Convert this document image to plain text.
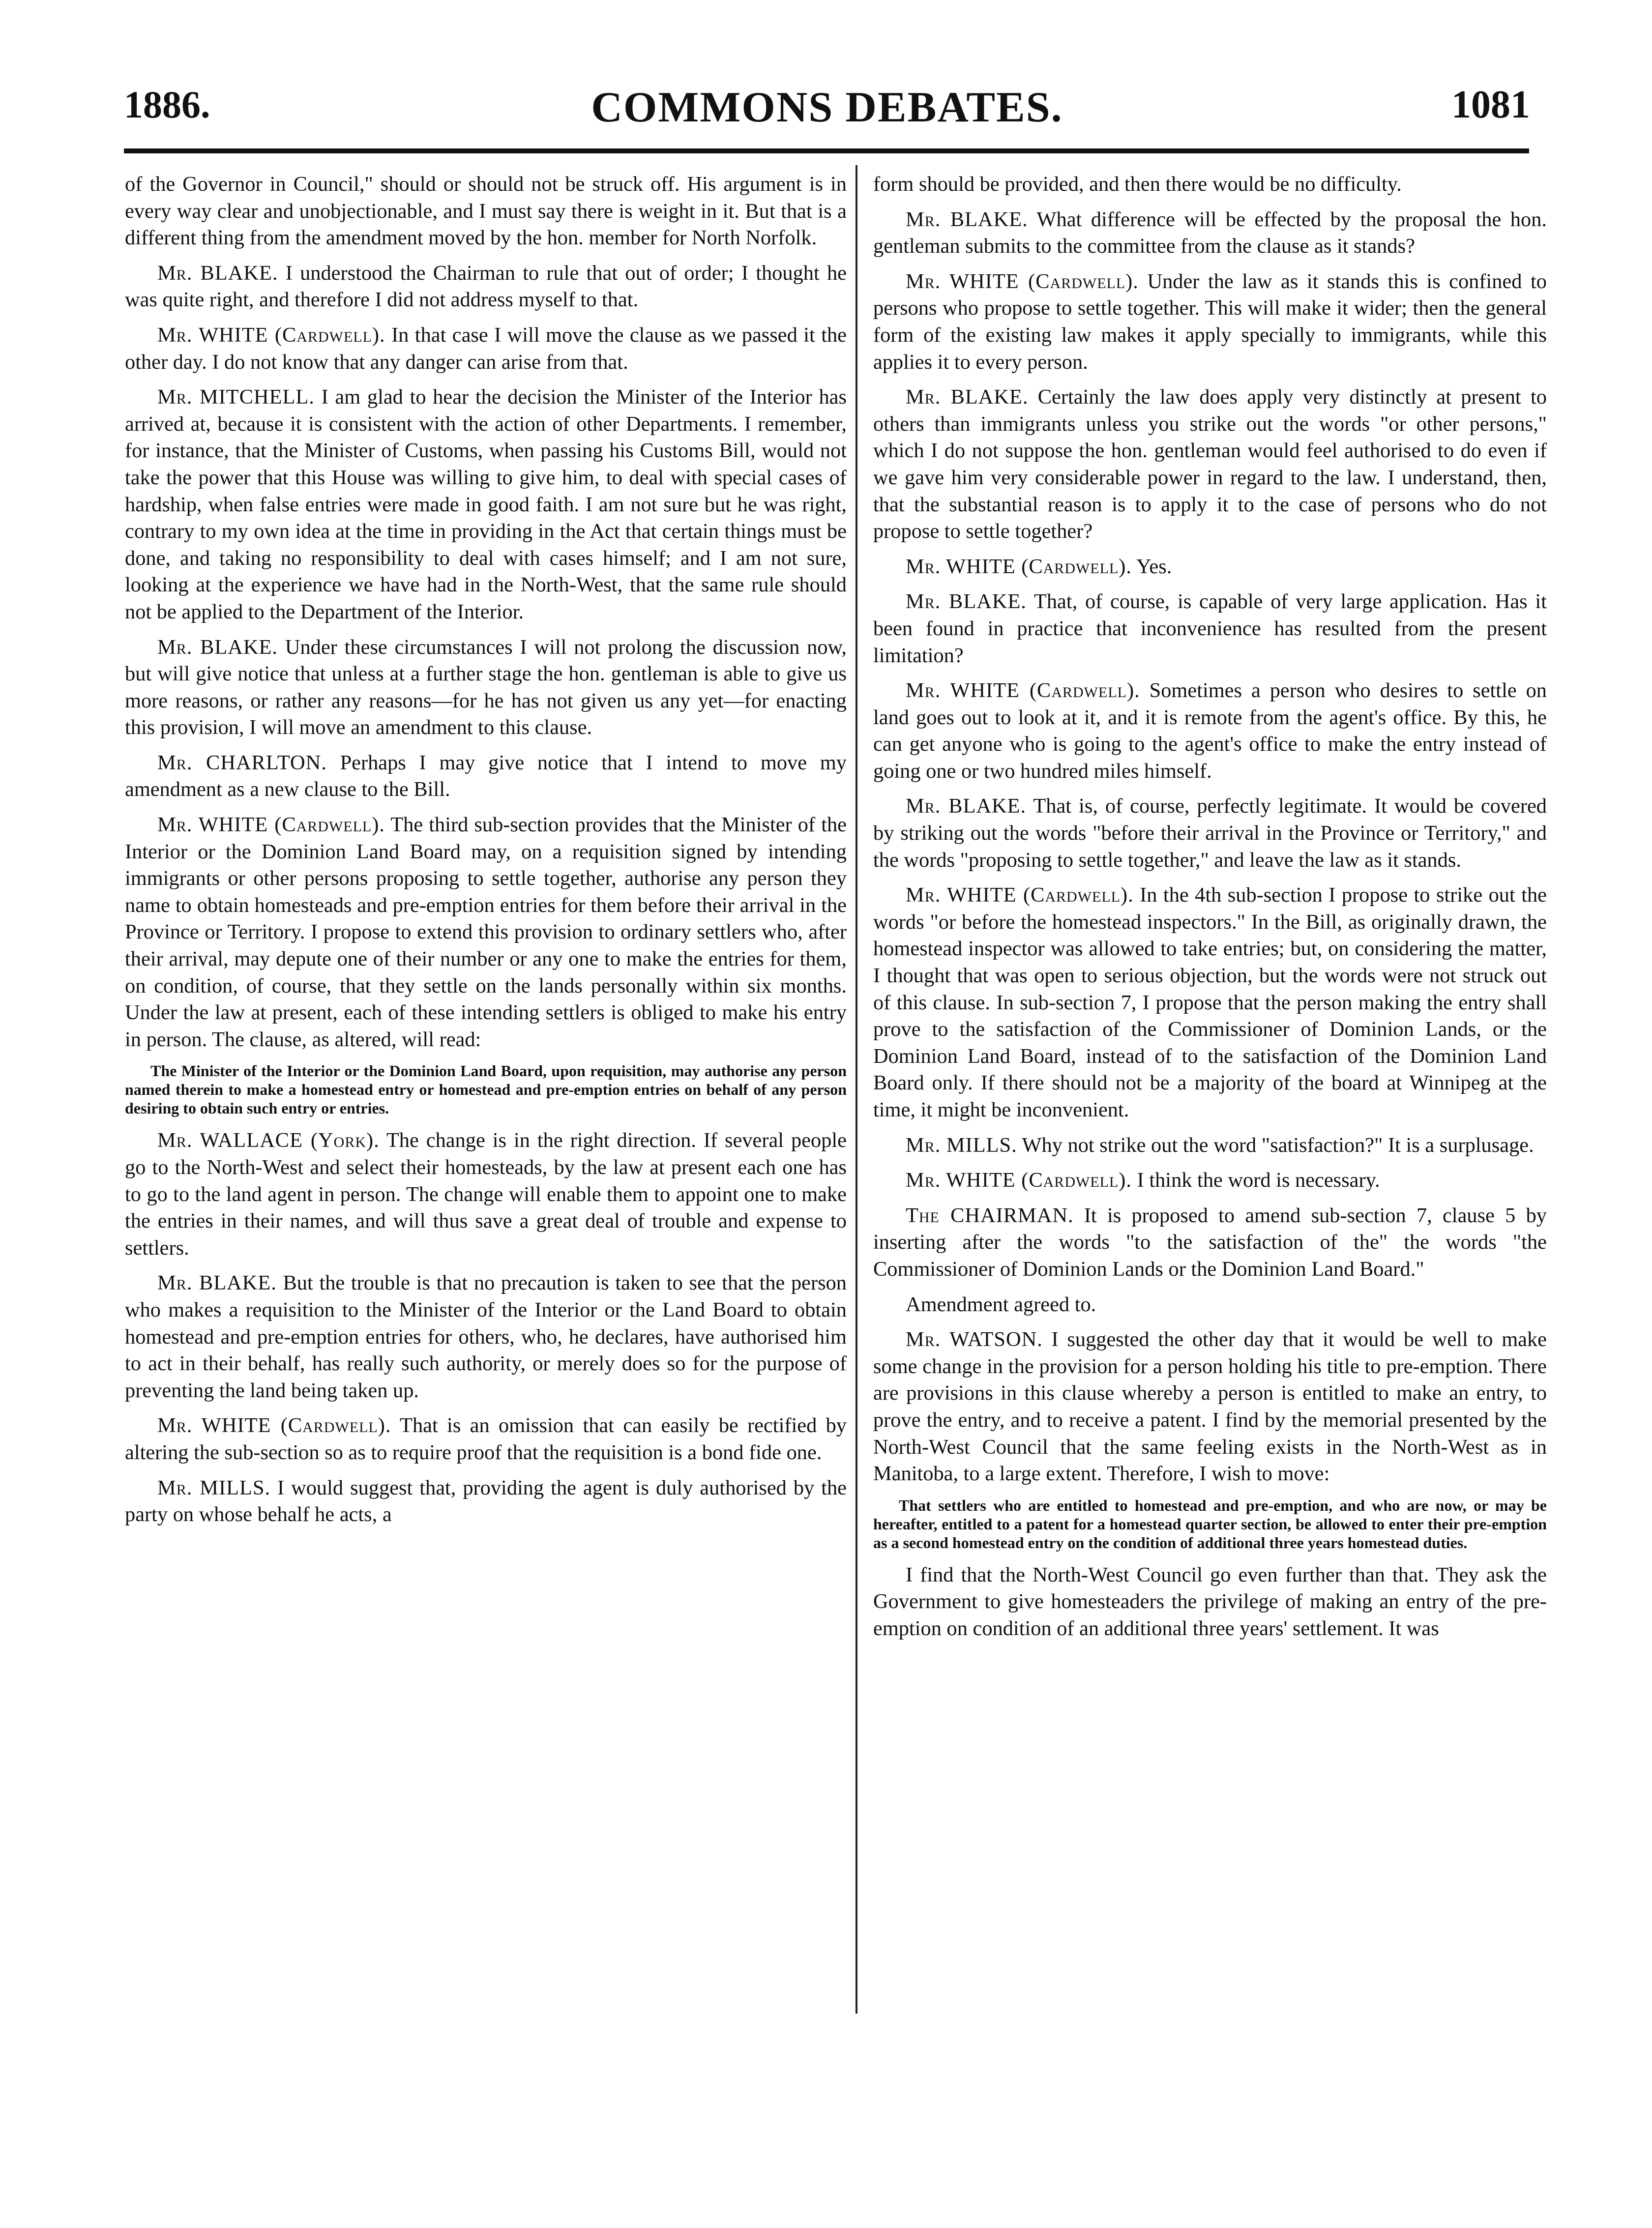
1886.	COMMONS DEBATES.	1081

of the Governor in Council," should or should not be struck off. His argument is in every way clear and unobjectionable, and I must say there is weight in it. But that is a different thing from the amendment moved by the hon. member for North Norfolk.

Mr. BLAKE. I understood the Chairman to rule that out of order; I thought he was quite right, and therefore I did not address myself to that.

Mr. WHITE (Cardwell). In that case I will move the clause as we passed it the other day. I do not know that any danger can arise from that.

Mr. MITCHELL. I am glad to hear the decision the Minister of the Interior has arrived at, because it is consistent with the action of other Departments. I remember, for instance, that the Minister of Customs, when passing his Customs Bill, would not take the power that this House was willing to give him, to deal with special cases of hardship, when false entries were made in good faith. I am not sure but he was right, contrary to my own idea at the time in providing in the Act that certain things must be done, and taking no responsibility to deal with cases himself; and I am not sure, looking at the experience we have had in the North-West, that the same rule should not be applied to the Department of the Interior.

Mr. BLAKE. Under these circumstances I will not prolong the discussion now, but will give notice that unless at a further stage the hon. gentleman is able to give us more reasons, or rather any reasons—for he has not given us any yet—for enacting this provision, I will move an amendment to this clause.

Mr. CHARLTON. Perhaps I may give notice that I intend to move my amendment as a new clause to the Bill.

Mr. WHITE (Cardwell). The third sub-section provides that the Minister of the Interior or the Dominion Land Board may, on a requisition signed by intending immigrants or other persons proposing to settle together, authorise any person they name to obtain homesteads and pre-emption entries for them before their arrival in the Province or Territory. I propose to extend this provision to ordinary settlers who, after their arrival, may depute one of their number or any one to make the entries for them, on condition, of course, that they settle on the lands personally within six months. Under the law at present, each of these intending settlers is obliged to make his entry in person. The clause, as altered, will read:

The Minister of the Interior or the Dominion Land Board, upon requisition, may authorise any person named therein to make a homestead entry or homestead and pre-emption entries on behalf of any person desiring to obtain such entry or entries.

Mr. WALLACE (York). The change is in the right direction. If several people go to the North-West and select their homesteads, by the law at present each one has to go to the land agent in person. The change will enable them to appoint one to make the entries in their names, and will thus save a great deal of trouble and expense to settlers.

Mr. BLAKE. But the trouble is that no precaution is taken to see that the person who makes a requisition to the Minister of the Interior or the Land Board to obtain homestead and pre-emption entries for others, who, he declares, have authorised him to act in their behalf, has really such authority, or merely does so for the purpose of preventing the land being taken up.

Mr. WHITE (Cardwell). That is an omission that can easily be rectified by altering the sub-section so as to require proof that the requisition is a bond fide one.

Mr. MILLS. I would suggest that, providing the agent is duly authorised by the party on whose behalf he acts, a

form should be provided, and then there would be no difficulty.

Mr. BLAKE. What difference will be effected by the proposal the hon. gentleman submits to the committee from the clause as it stands?

Mr. WHITE (Cardwell). Under the law as it stands this is confined to persons who propose to settle together. This will make it wider; then the general form of the existing law makes it apply specially to immigrants, while this applies it to every person.

Mr. BLAKE. Certainly the law does apply very distinctly at present to others than immigrants unless you strike out the words "or other persons," which I do not suppose the hon. gentleman would feel authorised to do even if we gave him very considerable power in regard to the law. I understand, then, that the substantial reason is to apply it to the case of persons who do not propose to settle together?

Mr. WHITE (Cardwell). Yes.

Mr. BLAKE. That, of course, is capable of very large application. Has it been found in practice that inconvenience has resulted from the present limitation?

Mr. WHITE (Cardwell). Sometimes a person who desires to settle on land goes out to look at it, and it is remote from the agent's office. By this, he can get anyone who is going to the agent's office to make the entry instead of going one or two hundred miles himself.

Mr. BLAKE. That is, of course, perfectly legitimate. It would be covered by striking out the words "before their arrival in the Province or Territory," and the words "proposing to settle together," and leave the law as it stands.

Mr. WHITE (Cardwell). In the 4th sub-section I propose to strike out the words "or before the homestead inspectors." In the Bill, as originally drawn, the homestead inspector was allowed to take entries; but, on considering the matter, I thought that was open to serious objection, but the words were not struck out of this clause. In sub-section 7, I propose that the person making the entry shall prove to the satisfaction of the Commissioner of Dominion Lands, or the Dominion Land Board, instead of to the satisfaction of the Dominion Land Board only. If there should not be a majority of the board at Winnipeg at the time, it might be inconvenient.

Mr. MILLS. Why not strike out the word "satisfaction?" It is a surplusage.

Mr. WHITE (Cardwell). I think the word is necessary.

The CHAIRMAN. It is proposed to amend sub-section 7, clause 5 by inserting after the words "to the satisfaction of the" the words "the Commissioner of Dominion Lands or the Dominion Land Board."

Amendment agreed to.

Mr. WATSON. I suggested the other day that it would be well to make some change in the provision for a person holding his title to pre-emption. There are provisions in this clause whereby a person is entitled to make an entry, to prove the entry, and to receive a patent. I find by the memorial presented by the North-West Council that the same feeling exists in the North-West as in Manitoba, to a large extent. Therefore, I wish to move:

That settlers who are entitled to homestead and pre-emption, and who are now, or may be hereafter, entitled to a patent for a homestead quarter section, be allowed to enter their pre-emption as a second homestead entry on the condition of additional three years homestead duties.

I find that the North-West Council go even further than that. They ask the Government to give homesteaders the privilege of making an entry of the pre-emption on condition of an additional three years' settlement. It was
